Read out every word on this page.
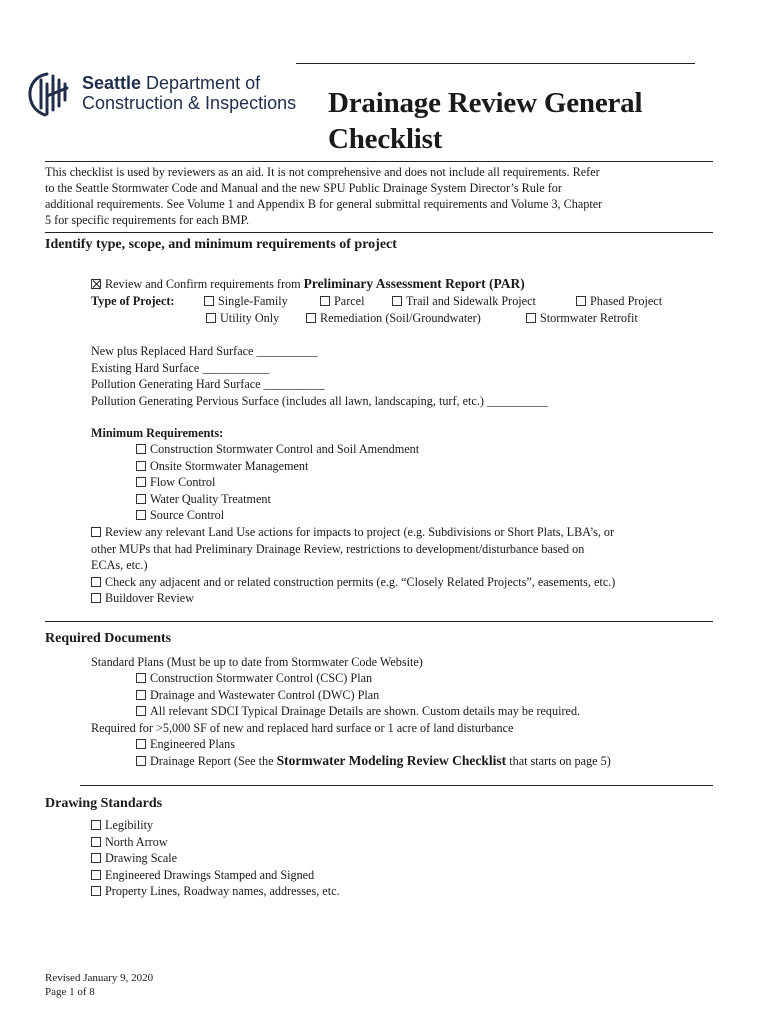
Seattle Department of
Construction & Inspections Drainage Review General
Checklist
This checklist is used by reviewers as an aid. It is not comprehensive and does not include all requirements. Refer
to the Seattle Stormwater Code and Manual and the new SPU Public Drainage System Director’s Rule for
additional requirements. See Volume 1 and Appendix B for general submittal requirements and Volume 3, Chapter
5 for specific requirements for each BMP.
Identify type, scope, and minimum requirements of project
Review and Confirm requirements from Preliminary Assessment Report (PAR)
Type of Project:	Single-Family	Parcel	Trail and Sidewalk Project	Phased Project
Utility Only	Remediation (Soil/Groundwater)	Stormwater Retrofit
New plus Replaced Hard Surface __________
Existing Hard Surface ___________
Pollution Generating Hard Surface __________
Pollution Generating Pervious Surface (includes all lawn, landscaping, turf, etc.) __________
Minimum Requirements:
Construction Stormwater Control and Soil Amendment
Onsite Stormwater Management
Flow Control
Water Quality Treatment
Source Control
Review any relevant Land Use actions for impacts to project (e.g. Subdivisions or Short Plats, LBA’s, or
other MUPs that had Preliminary Drainage Review, restrictions to development/disturbance based on
ECAs, etc.)
Check any adjacent and or related construction permits (e.g. “Closely Related Projects”, easements, etc.)
Buildover Review
Required Documents
Standard Plans (Must be up to date from Stormwater Code Website)
Construction Stormwater Control (CSC) Plan
Drainage and Wastewater Control (DWC) Plan
All relevant SDCI Typical Drainage Details are shown. Custom details may be required.
Required for >5,000 SF of new and replaced hard surface or 1 acre of land disturbance
Engineered Plans
Drainage Report (See the Stormwater Modeling Review Checklist that starts on page 5)
Drawing Standards
Legibility
North Arrow
Drawing Scale
Engineered Drawings Stamped and Signed
Property Lines, Roadway names, addresses, etc.
Revised January 9, 2020
Page 1 of 8
